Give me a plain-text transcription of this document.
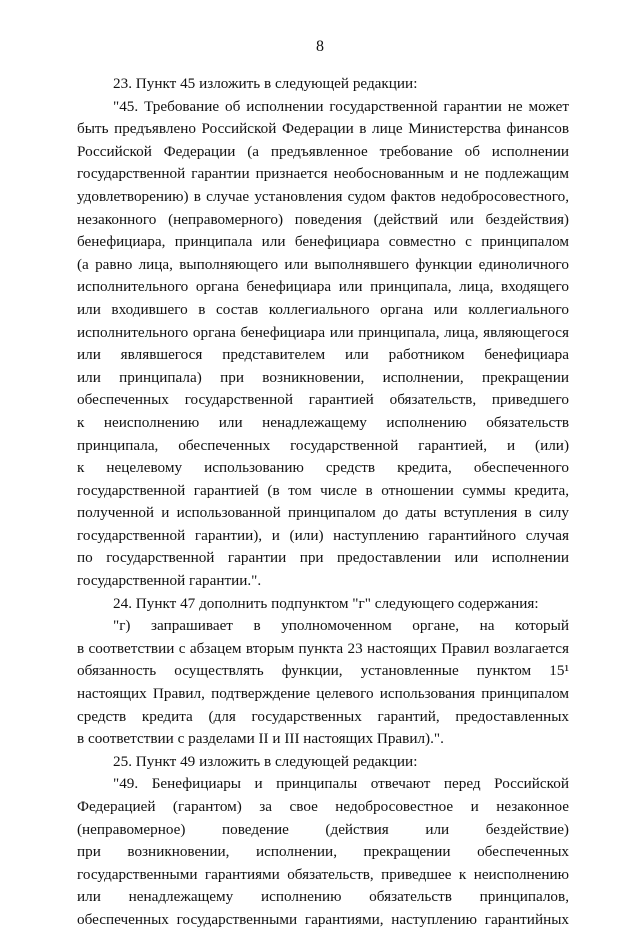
8
23. Пункт 45 изложить в следующей редакции:
"45. Требование об исполнении государственной гарантии не может
быть предъявлено Российской Федерации в лице Министерства финансов
Российской Федерации (а предъявленное требование об исполнении
государственной гарантии признается необоснованным и не подлежащим
удовлетворению) в случае установления судом фактов недобросовестного,
незаконного (неправомерного) поведения (действий или бездействия)
бенефициара, принципала или бенефициара совместно с принципалом
(а равно лица, выполняющего или выполнявшего функции единоличного
исполнительного органа бенефициара или принципала, лица, входящего
или входившего в состав коллегиального органа или коллегиального
исполнительного органа бенефициара или принципала, лица, являющегося
или являвшегося представителем или работником бенефициара
или принципала) при возникновении, исполнении, прекращении
обеспеченных государственной гарантией обязательств, приведшего
к неисполнению или ненадлежащему исполнению обязательств
принципала, обеспеченных государственной гарантией, и (или)
к нецелевому использованию средств кредита, обеспеченного
государственной гарантией (в том числе в отношении суммы кредита,
полученной и использованной принципалом до даты вступления в силу
государственной гарантии), и (или) наступлению гарантийного случая
по государственной гарантии при предоставлении или исполнении
государственной гарантии.".
24. Пункт 47 дополнить подпунктом "г" следующего содержания:
"г) запрашивает в уполномоченном органе, на который
в соответствии с абзацем вторым пункта 23 настоящих Правил возлагается
обязанность осуществлять функции, установленные пунктом 15¹
настоящих Правил, подтверждение целевого использования принципалом
средств кредита (для государственных гарантий, предоставленных
в соответствии с разделами II и III настоящих Правил).".
25. Пункт 49 изложить в следующей редакции:
"49. Бенефициары и принципалы отвечают перед Российской
Федерацией (гарантом) за свое недобросовестное и незаконное
(неправомерное) поведение (действия или бездействие)
при возникновении, исполнении, прекращении обеспеченных
государственными гарантиями обязательств, приведшее к неисполнению
или ненадлежащему исполнению обязательств принципалов,
обеспеченных государственными гарантиями, наступлению гарантийных
